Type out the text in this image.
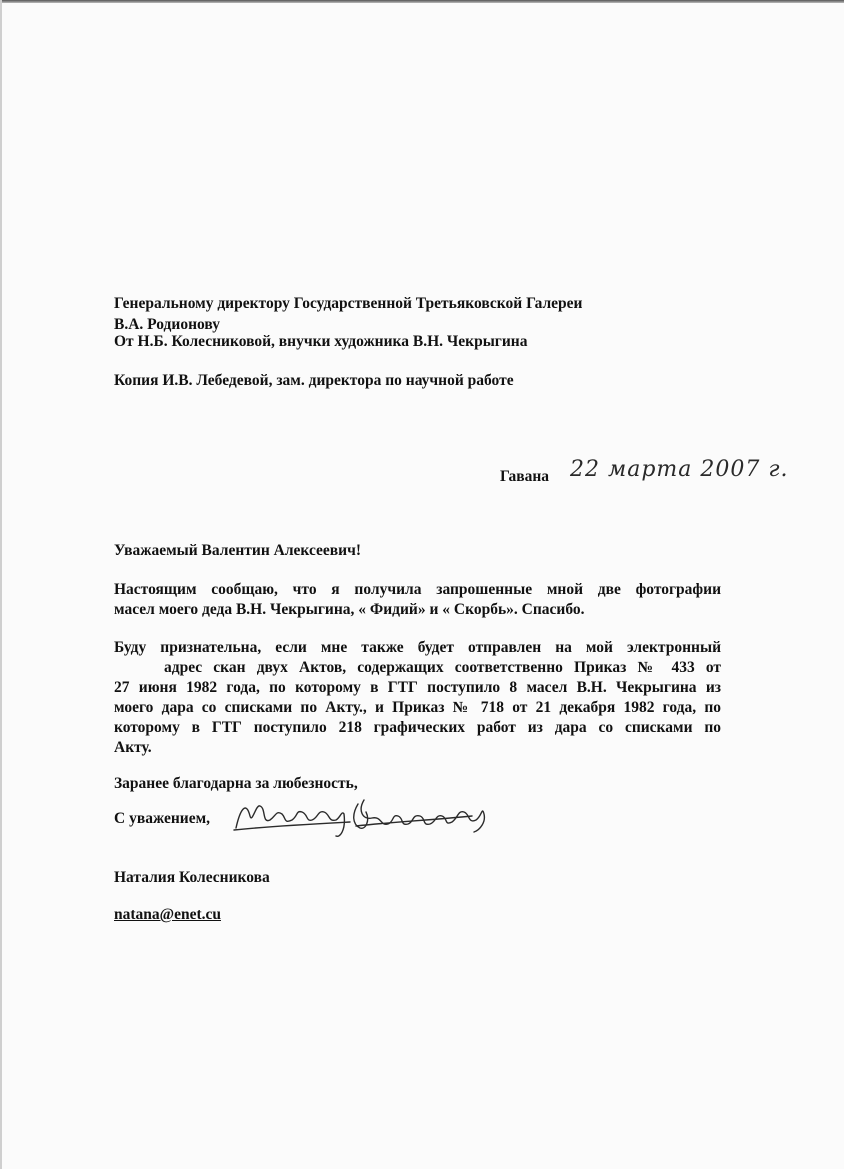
Генеральному директору Государственной Третьяковской Галереи
В.А. Родионову
От Н.Б. Колесниковой, внучки художника В.Н. Чекрыгина
Копия И.В. Лебедевой, зам. директора по научной работе
Гавана 22 марта 2007 г.
Уважаемый Валентин Алексеевич!
Настоящим сообщаю, что я получила запрошенные мной две фотографии
масел моего деда В.Н. Чекрыгина, « Фидий» и « Скорбь». Спасибо.
Буду признательна, если мне также будет отправлен на мой электронный
адрес скан двух Актов, содержащих соответственно Приказ № 433 от
27 июня 1982 года, по которому в ГТГ поступило 8 масел В.Н. Чекрыгина из
моего дара со списками по Акту., и Приказ № 718 от 21 декабря 1982 года, по
которому в ГТГ поступило 218 графических работ из дара со списками по
Акту.
Заранее благодарна за любезность,
С уважением,
Наталия Колесникова
natana@enet.cu
